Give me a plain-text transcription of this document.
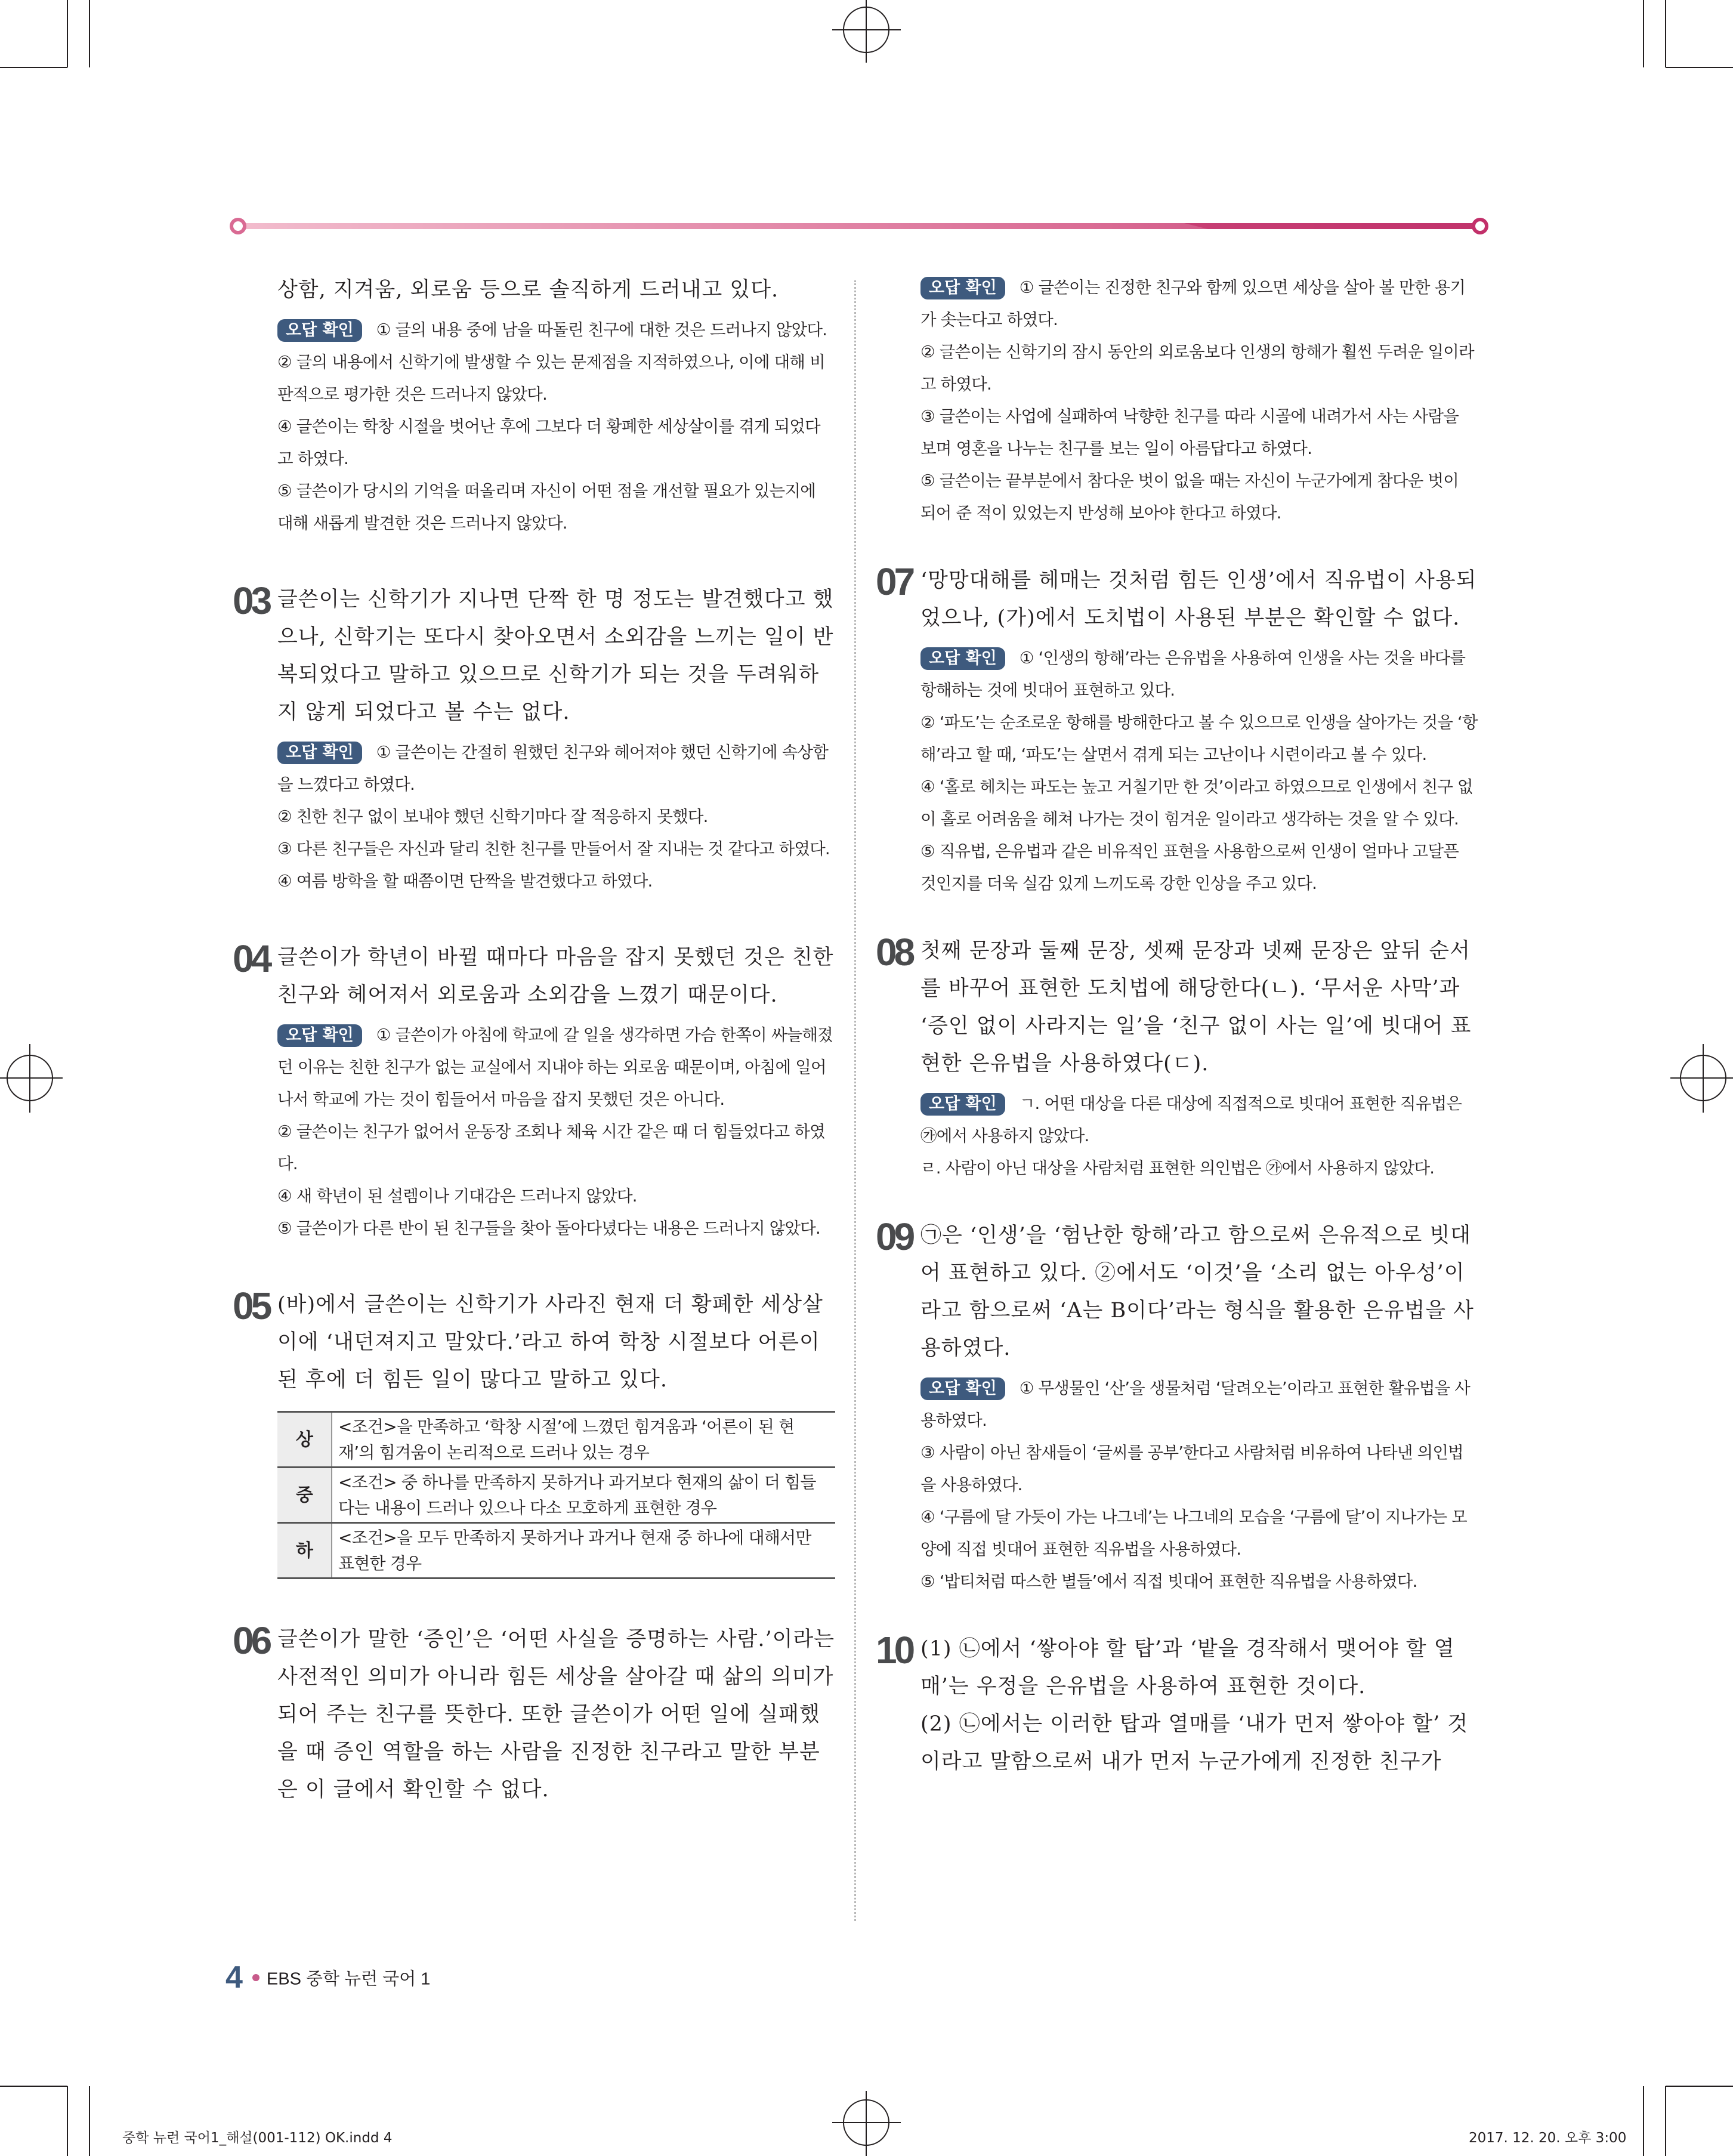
상함, 지겨움, 외로움 등으로 솔직하게 드러내고 있다.

오답 확인 ① 글의 내용 중에 남을 따돌린 친구에 대한 것은 드러나지 않았다.

② 글의 내용에서 신학기에 발생할 수 있는 문제점을 지적하였으나, 이에 대해 비판적으로 평가한 것은 드러나지 않았다.

④ 글쓴이는 학창 시절을 벗어난 후에 그보다 더 황폐한 세상살이를 겪게 되었다고 하였다.

⑤ 글쓴이가 당시의 기억을 떠올리며 자신이 어떤 점을 개선할 필요가 있는지에 대해 새롭게 발견한 것은 드러나지 않았다.

03 글쓴이는 신학기가 지나면 단짝 한 명 정도는 발견했다고 했으나, 신학기는 또다시 찾아오면서 소외감을 느끼는 일이 반복되었다고 말하고 있으므로 신학기가 되는 것을 두려워하지 않게 되었다고 볼 수는 없다.

오답 확인 ① 글쓴이는 간절히 원했던 친구와 헤어져야 했던 신학기에 속상함을 느꼈다고 하였다.

② 친한 친구 없이 보내야 했던 신학기마다 잘 적응하지 못했다.

③ 다른 친구들은 자신과 달리 친한 친구를 만들어서 잘 지내는 것 같다고 하였다.

④ 여름 방학을 할 때쯤이면 단짝을 발견했다고 하였다.

04 글쓴이가 학년이 바뀔 때마다 마음을 잡지 못했던 것은 친한 친구와 헤어져서 외로움과 소외감을 느꼈기 때문이다.

오답 확인 ① 글쓴이가 아침에 학교에 갈 일을 생각하면 가슴 한쪽이 싸늘해졌던 이유는 친한 친구가 없는 교실에서 지내야 하는 외로움 때문이며, 아침에 일어나서 학교에 가는 것이 힘들어서 마음을 잡지 못했던 것은 아니다.

② 글쓴이는 친구가 없어서 운동장 조회나 체육 시간 같은 때 더 힘들었다고 하였다.

④ 새 학년이 된 설렘이나 기대감은 드러나지 않았다.

⑤ 글쓴이가 다른 반이 된 친구들을 찾아 돌아다녔다는 내용은 드러나지 않았다.

05 (바)에서 글쓴이는 신학기가 사라진 현재 더 황폐한 세상살이에 ‘내던져지고 말았다.’라고 하여 학창 시절보다 어른이 된 후에 더 힘든 일이 많다고 말하고 있다.

상	<조건>을 만족하고 ‘학창 시절’에 느꼈던 힘겨움과 ‘어른이 된 현재’의 힘겨움이 논리적으로 드러나 있는 경우
중	<조건> 중 하나를 만족하지 못하거나 과거보다 현재의 삶이 더 힘들다는 내용이 드러나 있으나 다소 모호하게 표현한 경우
하	<조건>을 모두 만족하지 못하거나 과거나 현재 중 하나에 대해서만 표현한 경우
06 글쓴이가 말한 ‘증인’은 ‘어떤 사실을 증명하는 사람.’이라는 사전적인 의미가 아니라 힘든 세상을 살아갈 때 삶의 의미가 되어 주는 친구를 뜻한다. 또한 글쓴이가 어떤 일에 실패했을 때 증인 역할을 하는 사람을 진정한 친구라고 말한 부분은 이 글에서 확인할 수 없다.

오답 확인 ① 글쓴이는 진정한 친구와 함께 있으면 세상을 살아 볼 만한 용기가 솟는다고 하였다.

② 글쓴이는 신학기의 잠시 동안의 외로움보다 인생의 항해가 훨씬 두려운 일이라고 하였다.

③ 글쓴이는 사업에 실패하여 낙향한 친구를 따라 시골에 내려가서 사는 사람을 보며 영혼을 나누는 친구를 보는 일이 아름답다고 하였다.

⑤ 글쓴이는 끝부분에서 참다운 벗이 없을 때는 자신이 누군가에게 참다운 벗이 되어 준 적이 있었는지 반성해 보아야 한다고 하였다.

07 ‘망망대해를 헤매는 것처럼 힘든 인생’에서 직유법이 사용되었으나, (가)에서 도치법이 사용된 부분은 확인할 수 없다.

오답 확인 ① ‘인생의 항해’라는 은유법을 사용하여 인생을 사는 것을 바다를 항해하는 것에 빗대어 표현하고 있다.

② ‘파도’는 순조로운 항해를 방해한다고 볼 수 있으므로 인생을 살아가는 것을 ‘항해’라고 할 때, ‘파도’는 살면서 겪게 되는 고난이나 시련이라고 볼 수 있다.

④ ‘홀로 헤치는 파도는 높고 거칠기만 한 것’이라고 하였으므로 인생에서 친구 없이 홀로 어려움을 헤쳐 나가는 것이 힘겨운 일이라고 생각하는 것을 알 수 있다.

⑤ 직유법, 은유법과 같은 비유적인 표현을 사용함으로써 인생이 얼마나 고달픈 것인지를 더욱 실감 있게 느끼도록 강한 인상을 주고 있다.

08 첫째 문장과 둘째 문장, 셋째 문장과 넷째 문장은 앞뒤 순서를 바꾸어 표현한 도치법에 해당한다(ㄴ). ‘무서운 사막’과 ‘증인 없이 사라지는 일’을 ‘친구 없이 사는 일’에 빗대어 표현한 은유법을 사용하였다(ㄷ).

오답 확인 ㄱ. 어떤 대상을 다른 대상에 직접적으로 빗대어 표현한 직유법은 ㉮에서 사용하지 않았다.

ㄹ. 사람이 아닌 대상을 사람처럼 표현한 의인법은 ㉮에서 사용하지 않았다.

09 ㉠은 ‘인생’을 ‘험난한 항해’라고 함으로써 은유적으로 빗대어 표현하고 있다. ②에서도 ‘이것’을 ‘소리 없는 아우성’이라고 함으로써 ‘A는 B이다’라는 형식을 활용한 은유법을 사용하였다.

오답 확인 ① 무생물인 ‘산’을 생물처럼 ‘달려오는’이라고 표현한 활유법을 사용하였다.

③ 사람이 아닌 참새들이 ‘글씨를 공부’한다고 사람처럼 비유하여 나타낸 의인법을 사용하였다.

④ ‘구름에 달 가듯이 가는 나그네’는 나그네의 모습을 ‘구름에 달’이 지나가는 모양에 직접 빗대어 표현한 직유법을 사용하였다.

⑤ ‘밥티처럼 따스한 별들’에서 직접 빗대어 표현한 직유법을 사용하였다.

10 (1) ㉡에서 ‘쌓아야 할 탑’과 ‘밭을 경작해서 맺어야 할 열매’는 우정을 은유법을 사용하여 표현한 것이다.

(2) ㉡에서는 이러한 탑과 열매를 ‘내가 먼저 쌓아야 할’ 것이라고 말함으로써 내가 먼저 누군가에게 진정한 친구가

4 EBS 중학 뉴런 국어 1
중학 뉴런 국어1_해설(001-112) OK.indd 4	2017. 12. 20. 오후 3:00
